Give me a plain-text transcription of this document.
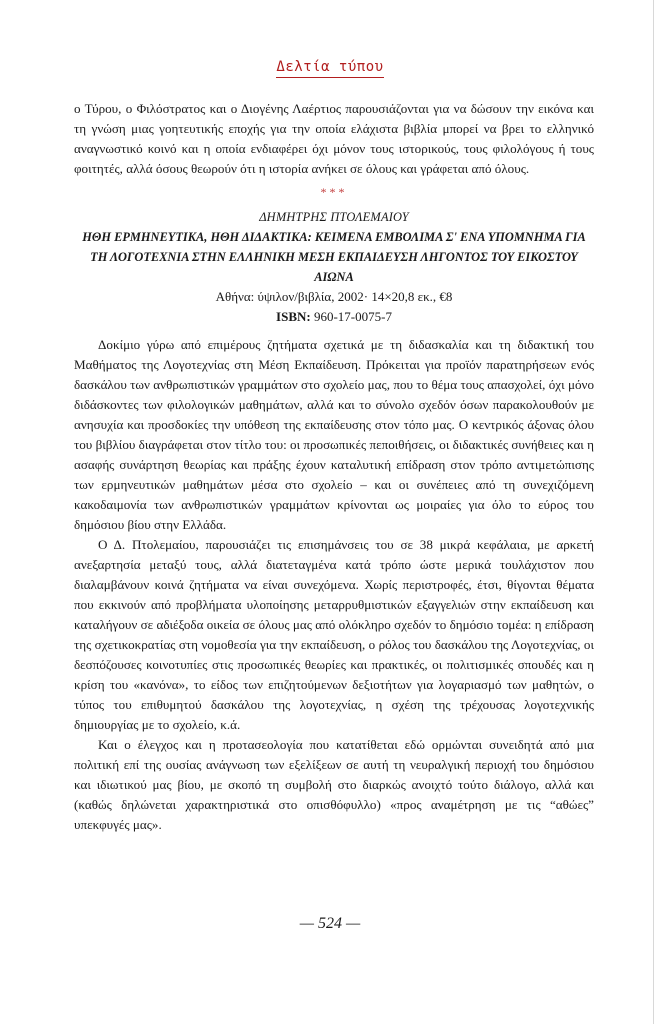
Δελτία τύπου

ο Τύρου, ο Φιλόστρατος και ο Διογένης Λαέρτιος παρουσιάζονται για να δώσουν την εικόνα και τη γνώση μιας γοητευτικής εποχής για την οποία ελάχιστα βιβλία μπορεί να βρει το ελληνικό αναγνωστικό κοινό και η οποία ενδιαφέρει όχι μόνον τους ιστορικούς, τους φιλολόγους ή τους φοιτητές, αλλά όσους θεωρούν ότι η ιστορία ανήκει σε όλους και γράφεται από όλους.

***
ΔΗΜΗΤΡΗΣ ΠΤΟΛΕΜΑΙΟΥ
ΗΘΗ ΕΡΜΗΝΕΥΤΙΚΑ, ΗΘΗ ΔΙΔΑΚΤΙΚΑ: ΚΕΙΜΕΝΑ ΕΜΒΟΛΙΜΑ Σ' ΕΝΑ ΥΠΟΜΝΗΜΑ ΓΙΑ
ΤΗ ΛΟΓΟΤΕΧΝΙΑ ΣΤΗΝ ΕΛΛΗΝΙΚΗ ΜΕΣΗ ΕΚΠΑΙΔΕΥΣΗ ΛΗΓΟΝΤΟΣ ΤΟΥ ΕΙΚΟΣΤΟΥ ΑΙΩΝΑ
Αθήνα: ύψιλον/βιβλία, 2002· 14×20,8 εκ., €8
ISBN: 960-17-0075-7

Δοκίμιο γύρω από επιμέρους ζητήματα σχετικά με τη διδασκαλία και τη διδακτική του Μαθήματος της Λογοτεχνίας στη Μέση Εκπαίδευση. Πρόκειται για προϊόν παρατηρήσεων ενός δασκάλου των ανθρωπιστικών γραμμάτων στο σχολείο μας, που το θέμα τους απασχολεί, όχι μόνο διδάσκοντες των φιλολογικών μαθημάτων, αλλά και το σύνολο σχεδόν όσων παρακολουθούν με ανησυχία και προσδοκίες την υπόθεση της εκπαίδευσης στον τόπο μας. Ο κεντρικός άξονας όλου του βιβλίου διαγράφεται στον τίτλο του: οι προσωπικές πεποιθήσεις, οι διδακτικές συνήθειες και η ασαφής συνάρτηση θεωρίας και πράξης έχουν καταλυτική επίδραση στον τρόπο αντιμετώπισης των ερμηνευτικών μαθημάτων μέσα στο σχολείο – και οι συνέπειες από τη συνεχιζόμενη κακοδαιμονία των ανθρωπιστικών γραμμάτων κρίνονται ως μοιραίες για όλο το εύρος του δημόσιου βίου στην Ελλάδα.

Ο Δ. Πτολεμαίου, παρουσιάζει τις επισημάνσεις του σε 38 μικρά κεφάλαια, με αρκετή ανεξαρτησία μεταξύ τους, αλλά διατεταγμένα κατά τρόπο ώστε μερικά τουλάχιστον που διαλαμβάνουν κοινά ζητήματα να είναι συνεχόμενα. Χωρίς περιστροφές, έτσι, θίγονται θέματα που εκκινούν από προβλήματα υλοποίησης μεταρρυθμιστικών εξαγγελιών στην εκπαίδευση και καταλήγουν σε αδιέξοδα οικεία σε όλους μας από ολόκληρο σχεδόν το δημόσιο τομέα: η επίδραση της σχετικοκρατίας στη νομοθεσία για την εκπαίδευση, ο ρόλος του δασκάλου της Λογοτεχνίας, οι δεσπόζουσες κοινοτυπίες στις προσωπικές θεωρίες και πρακτικές, οι πολιτισμικές σπουδές και η κρίση του «κανόνα», το είδος των επιζητούμενων δεξιοτήτων για λογαριασμό των μαθητών, ο τύπος του επιθυμητού δασκάλου της λογοτεχνίας, η σχέση της τρέχουσας λογοτεχνικής δημιουργίας με το σχολείο, κ.ά.

Και ο έλεγχος και η προτασεολογία που κατατίθεται εδώ ορμώνται συνειδητά από μια πολιτική επί της ουσίας ανάγνωση των εξελίξεων σε αυτή τη νευραλγική περιοχή του δημόσιου και ιδιωτικού μας βίου, με σκοπό τη συμβολή στο διαρκώς ανοιχτό τούτο διάλογο, αλλά και (καθώς δηλώνεται χαρακτηριστικά στο οπισθόφυλλο) «προς αναμέτρηση με τις “αθώες” υπεκφυγές μας».

— 524 —
